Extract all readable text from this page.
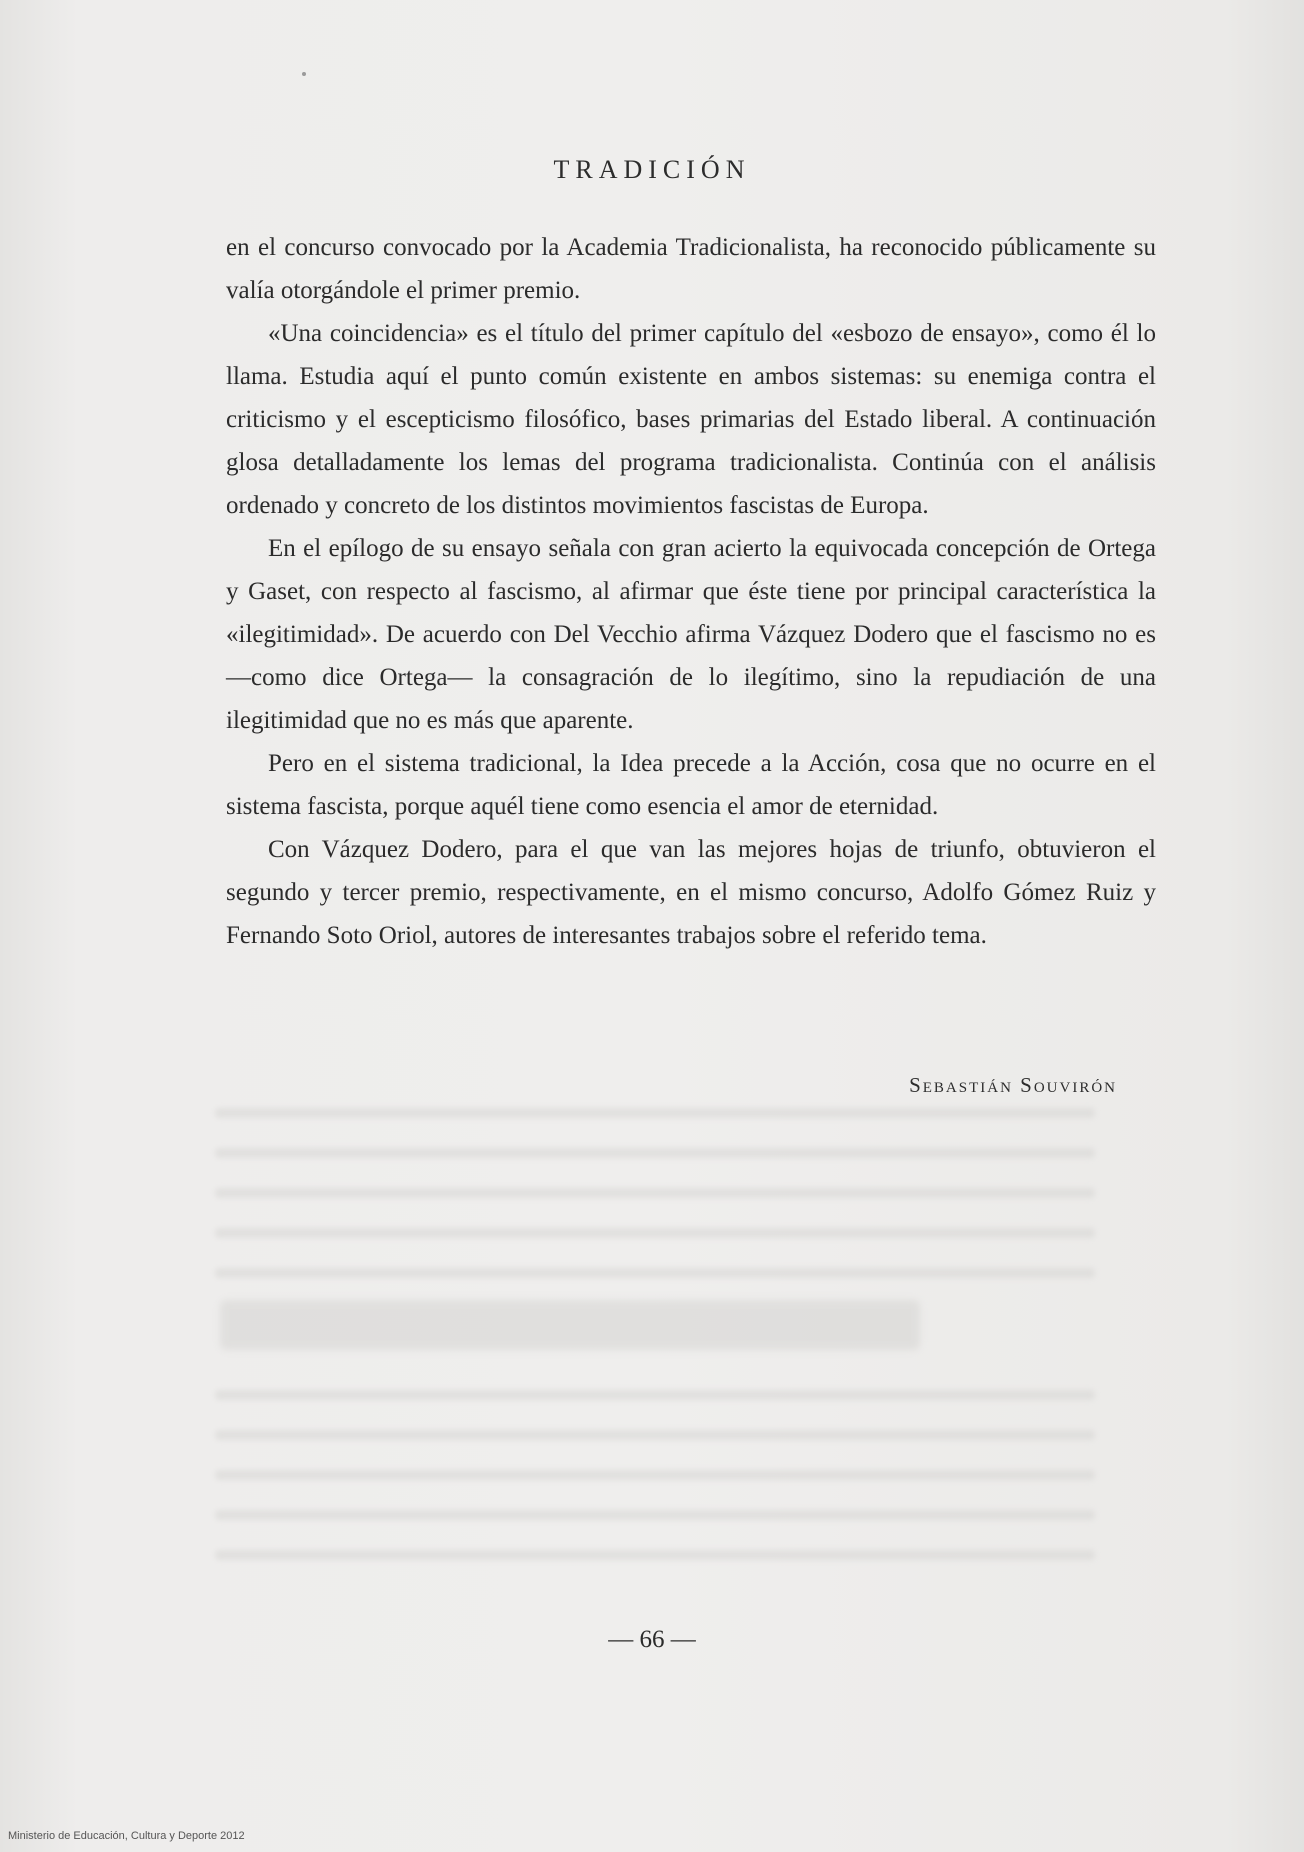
TRADICIÓN

en el concurso convocado por la Academia Tradicionalista, ha reconocido públicamente su valía otorgándole el primer premio.

«Una coincidencia» es el título del primer capítulo del «esbozo de ensayo», como él lo llama. Estudia aquí el punto común existente en ambos sistemas: su enemiga contra el criticismo y el escepticismo filosófico, bases primarias del Estado liberal. A continuación glosa detalladamente los lemas del programa tradicionalista. Continúa con el análisis ordenado y concreto de los distintos movimientos fascistas de Europa.

En el epílogo de su ensayo señala con gran acierto la equivocada concepción de Ortega y Gaset, con respecto al fascismo, al afirmar que éste tiene por principal característica la «ilegitimidad». De acuerdo con Del Vecchio afirma Vázquez Dodero que el fascismo no es —como dice Ortega— la consagración de lo ilegítimo, sino la repudiación de una ilegitimidad que no es más que aparente.

Pero en el sistema tradicional, la Idea precede a la Acción, cosa que no ocurre en el sistema fascista, porque aquél tiene como esencia el amor de eternidad.

Con Vázquez Dodero, para el que van las mejores hojas de triunfo, obtuvieron el segundo y tercer premio, respectivamente, en el mismo concurso, Adolfo Gómez Ruiz y Fernando Soto Oriol, autores de interesantes trabajos sobre el referido tema.

Sebastián Souvirón
— 66 —
Ministerio de Educación, Cultura y Deporte 2012
